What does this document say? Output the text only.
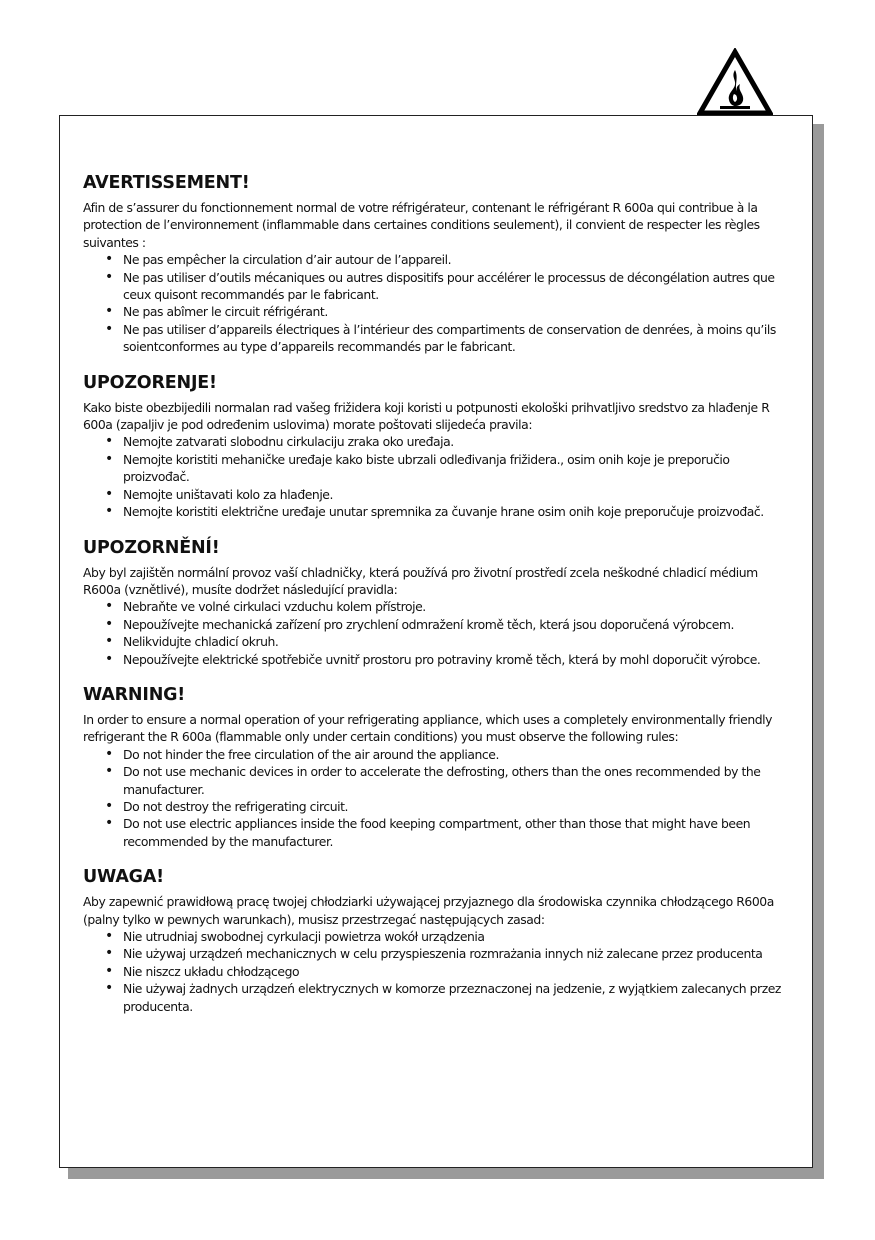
AVERTISSEMENT!

Afin de s’assurer du fonctionnement normal de votre réfrigérateur, contenant le réfrigérant R 600a qui contribue à la protection de l’environnement (inflammable dans certaines conditions seulement), il convient de respecter les règles suivantes :

• Ne pas empêcher la circulation d’air autour de l’appareil.
• Ne pas utiliser d’outils mécaniques ou autres dispositifs pour accélérer le processus de décongélation autres que ceux quisont recommandés par le fabricant.
• Ne pas abîmer le circuit réfrigérant.
• Ne pas utiliser d’appareils électriques à l’intérieur des compartiments de conservation de denrées, à moins qu’ils soientconformes au type d’appareils recommandés par le fabricant.
UPOZORENJE!

Kako biste obezbijedili normalan rad vašeg frižidera koji koristi u potpunosti ekološki prihvatljivo sredstvo za hlađenje R 600a (zapaljiv je pod određenim uslovima) morate poštovati slijedeća pravila:

• Nemojte zatvarati slobodnu cirkulaciju zraka oko uređaja.
• Nemojte koristiti mehaničke uređaje kako biste ubrzali odleđivanja frižidera., osim onih koje je preporučio proizvođač.
• Nemojte uništavati kolo za hlađenje.
• Nemojte koristiti električne uređaje unutar spremnika za čuvanje hrane osim onih koje preporučuje proizvođač.
UPOZORNĚNÍ!

Aby byl zajištěn normální provoz vaší chladničky, která používá pro životní prostředí zcela neškodné chladicí médium R600a (vznětlivé), musíte dodržet následující pravidla:

• Nebraňte ve volné cirkulaci vzduchu kolem přístroje.
• Nepoužívejte mechanická zařízení pro zrychlení odmražení kromě těch, která jsou doporučená výrobcem.
• Nelikvidujte chladicí okruh.
• Nepoužívejte elektrické spotřebiče uvnitř prostoru pro potraviny kromě těch, která by mohl doporučit výrobce.
WARNING!

In order to ensure a normal operation of your refrigerating appliance, which uses a completely environmentally friendly refrigerant the R 600a (flammable only under certain conditions) you must observe the following rules:

• Do not hinder the free circulation of the air around the appliance.
• Do not use mechanic devices in order to accelerate the defrosting, others than the ones recommended by the manufacturer.
• Do not destroy the refrigerating circuit.
• Do not use electric appliances inside the food keeping compartment, other than those that might have been recommended by the manufacturer.
UWAGA!

Aby zapewnić prawidłową pracę twojej chłodziarki używającej przyjaznego dla środowiska czynnika chłodzącego R600a (palny tylko w pewnych warunkach), musisz przestrzegać następujących zasad:

• Nie utrudniaj swobodnej cyrkulacji powietrza wokół urządzenia
• Nie używaj urządzeń mechanicznych w celu przyspieszenia rozmrażania innych niż zalecane przez producenta
• Nie niszcz układu chłodzącego
• Nie używaj żadnych urządzeń elektrycznych w komorze przeznaczonej na jedzenie, z wyjątkiem zalecanych przez producenta.
